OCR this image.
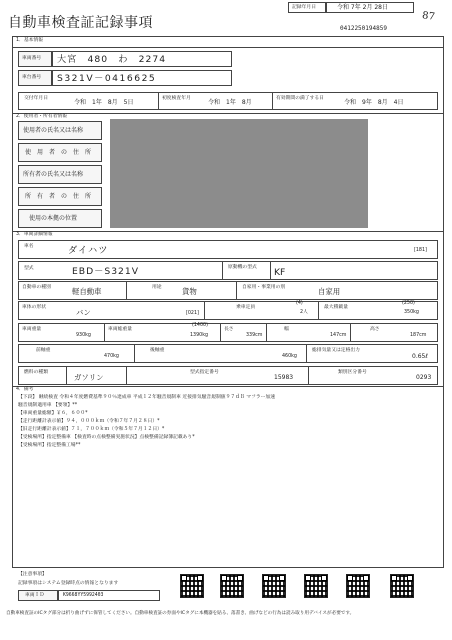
自動車検査証記録事項
記録年月日	令和 7年 2月 28日
87
0412250194859
1．基本情報
車両番号 大宮　480　わ　2274
車台番号 S321V－0416625
交付年月日
令和　1年　8月　5日
初度検査年月
令和　1年　8月
有効期間の満了する日
令和　9年　8月　4日
2．使用者・所有者情報
使用者の氏名又は名称
使　用　者　の　住　所
所有者の氏名又は名称
所　有　者　の　住　所
使用の本拠の位置
3．車両詳細情報
車名	ダイハツ	[181]
型式	EBD－S321V	原動機の型式 KF
自動車の種別	軽自動車	用途	貨物	自家用・事業用の別	自家用
車体の形状
バン	[021]
乗車定員
(4)
2人
最大積載量
(250)
350kg
車両重量
930kg
車両総重量
(1400)
1390kg
長さ
339cm
幅
147cm
高さ
187cm
前軸重
470kg
後軸重
460kg
総排気量又は定格出力
0.65ℓ
燃料の種類
ガソリン
型式指定番号
15983
類別区分番号
0293
4．備考
【下段】 継続検査 令和４年度燃費基準９０％達成車 平成１２年騒音規制車 近接排気騒音規制値９７ｄＢ マフラー加速
騒音規制適用車 【要領】**
【車両重量総額】￥６，６００*
【走行距離計表示値】９４，０００ｋｍ（令和７年７月２８日）*
【旧走行距離計表示値】７１，７００ｋｍ（令和５年７月１２日）*
【受検場所】指定整備車 【検査時の点検整備実施状況】点検整備記録簿記載あり*
【受検場所】指定整備工場**
【注意事項】
記録事項はシステム登録時点の情報となります
車両ＩＤ	K9668YY5992403
自動車検査証のICタグ部分は折り曲げずに保管してください。自動車検査証の券面やICタグに本機器を貼る、落書き、曲げなどの行為は読み取り用デバイスが必要です。
